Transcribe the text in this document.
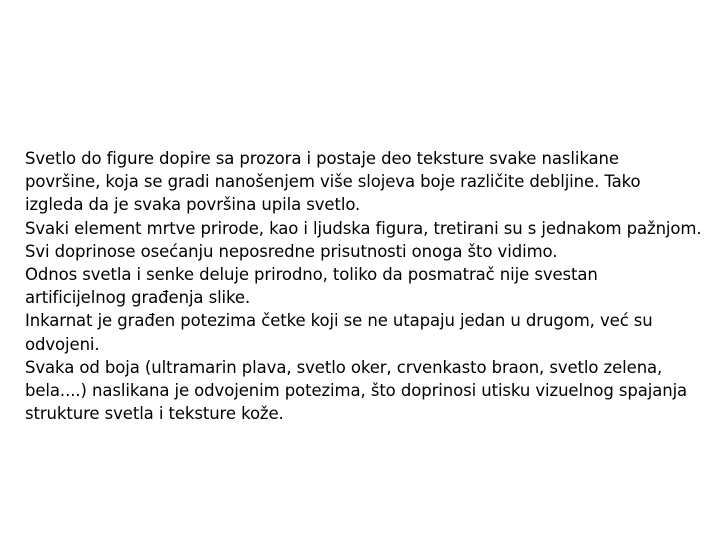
Svetlo do figure dopire sa prozora i postaje deo teksture svake naslikane
površine, koja se gradi nanošenjem više slojeva boje različite debljine. Tako
izgleda da je svaka površina upila svetlo.
Svaki element mrtve prirode, kao i ljudska figura, tretirani su s jednakom pažnjom.
Svi doprinose osećanju neposredne prisutnosti onoga što vidimo.
Odnos svetla i senke deluje prirodno, toliko da posmatrač nije svestan
artificijelnog građenja slike.
Inkarnat je građen potezima četke koji se ne utapaju jedan u drugom, već su
odvojeni.
Svaka od boja (ultramarin plava, svetlo oker, crvenkasto braon, svetlo zelena,
bela....) naslikana je odvojenim potezima, što doprinosi utisku vizuelnog spajanja
strukture svetla i teksture kože.
